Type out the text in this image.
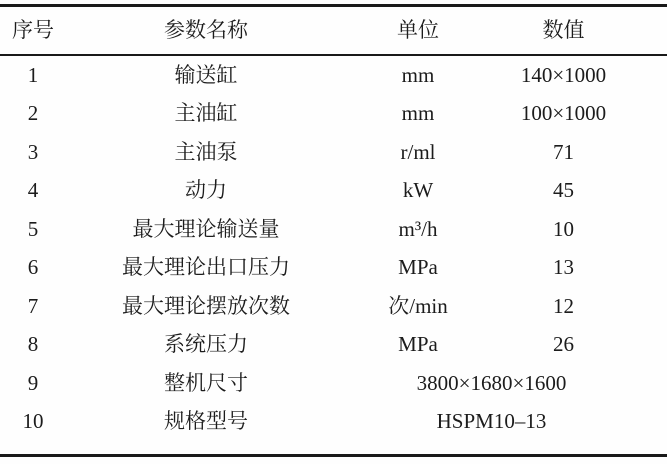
序号	参数名称	单位	数值
1	输送缸	mm	140×1000
2	主油缸	mm	100×1000
3	主油泵	r/ml	71
4	动力	kW	45
5	最大理论输送量	m³/h	10
6	最大理论出口压力	MPa	13
7	最大理论摆放次数	次/min	12
8	系统压力	MPa	26
9	整机尺寸	3800×1680×1600	
10	规格型号	HSPM10–13	
